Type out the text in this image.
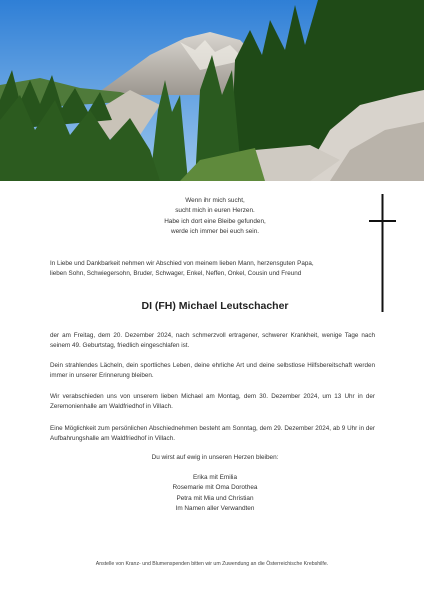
Wenn ihr mich sucht,
sucht mich in euren Herzen.
Habe ich dort eine Bleibe gefunden,
werde ich immer bei euch sein.
In Liebe und Dankbarkeit nehmen wir Abschied von meinem lieben Mann, herzensguten Papa,
lieben Sohn, Schwiegersohn, Bruder, Schwager, Enkel, Neffen, Onkel, Cousin und Freund
DI (FH) Michael Leutschacher
der am Freitag, dem 20. Dezember 2024, nach schmerzvoll ertragener, schwerer Krankheit, wenige Tage nach seinem 49. Geburtstag, friedlich eingeschlafen ist.
Dein strahlendes Lächeln, dein sportliches Leben, deine ehrliche Art und deine selbstlose Hilfsbereitschaft werden immer in unserer Erinnerung bleiben.
Wir verabschieden uns von unserem lieben Michael am Montag, dem 30. Dezember 2024, um 13 Uhr in der Zeremonienhalle am Waldfriedhof in Villach.
Eine Möglichkeit zum persönlichen Abschiednehmen besteht am Sonntag, dem 29. Dezember 2024, ab 9 Uhr in der Aufbahrungshalle am Waldfriedhof in Villach.
Du wirst auf ewig in unseren Herzen bleiben:
Erika mit Emilia
Rosemarie mit Oma Dorothea
Petra mit Mia und Christian
Im Namen aller Verwandten
Anstelle von Kranz- und Blumenspenden bitten wir um Zuwendung an die Österreichische Krebshilfe.
